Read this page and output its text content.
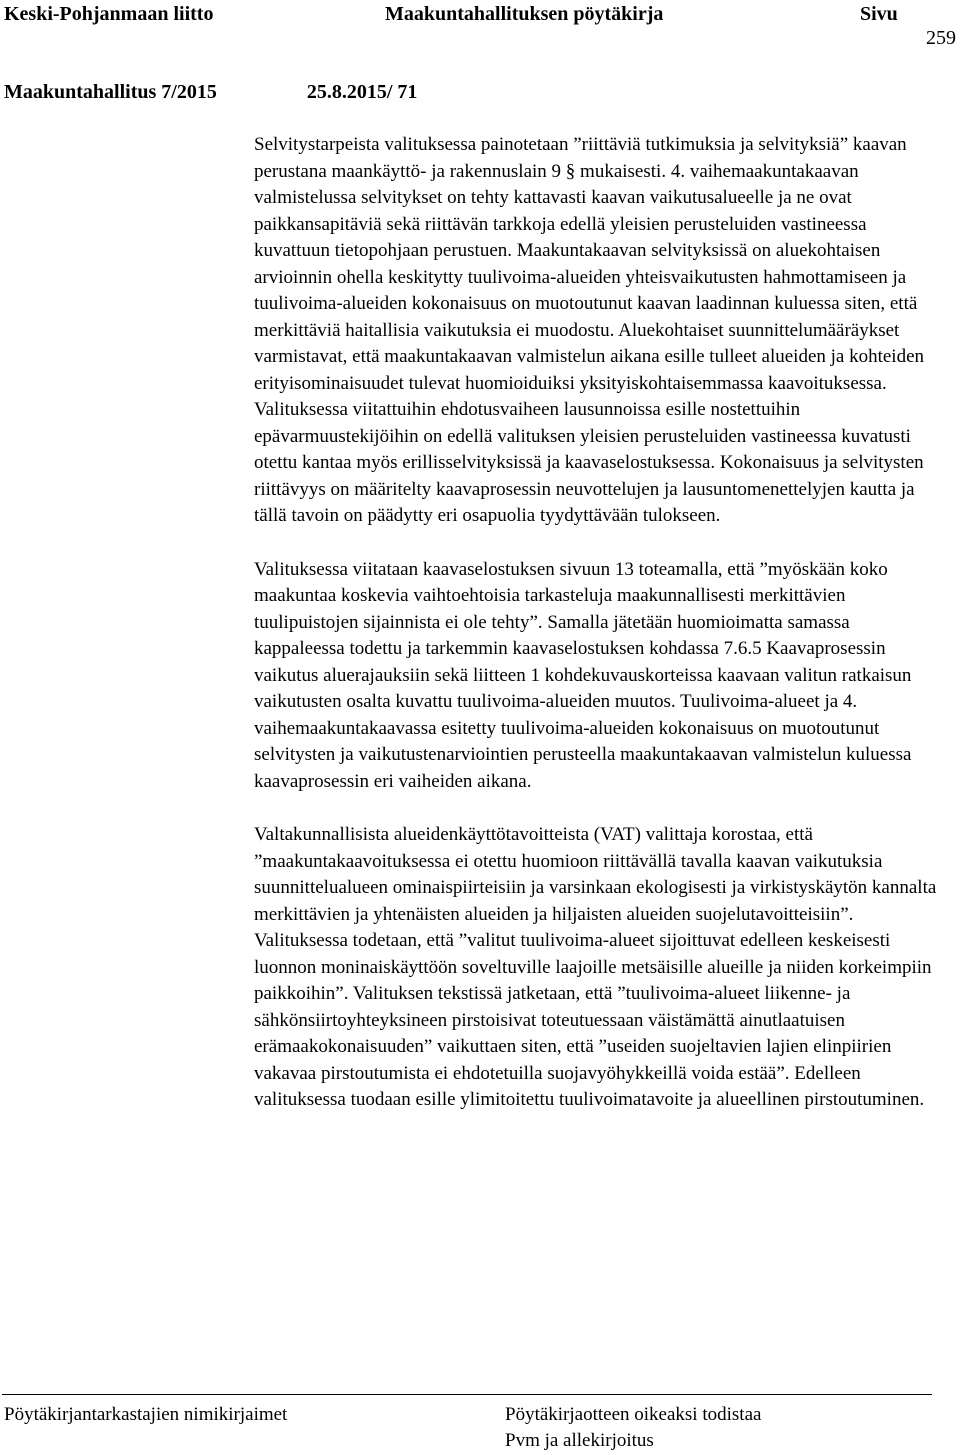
Keski-Pohjanmaan liitto	Maakuntahallituksen pöytäkirja	Sivu
259
Maakuntahallitus 7/2015	25.8.2015/ 71

Selvitystarpeista valituksessa painotetaan ”riittäviä tutkimuksia ja selvityksiä” kaavan perustana maankäyttö- ja rakennuslain 9 § mukaisesti. 4. vaihemaakuntakaavan valmistelussa selvitykset on tehty kattavasti kaavan vaikutusalueelle ja ne ovat paikkansapitäviä sekä riittävän tarkkoja edellä yleisien perusteluiden vastineessa kuvattuun tietopohjaan perustuen. Maakuntakaavan selvityksissä on aluekohtaisen arvioinnin ohella keskitytty tuulivoima-alueiden yhteisvaikutusten hahmottamiseen ja tuulivoima-alueiden kokonaisuus on muotoutunut kaavan laadinnan kuluessa siten, että merkittäviä haitallisia vaikutuksia ei muodostu. Aluekohtaiset suunnittelumääräykset varmistavat, että maakuntakaavan valmistelun aikana esille tulleet alueiden ja kohteiden erityisominaisuudet tulevat huomioiduiksi yksityiskohtaisemmassa kaavoituksessa. Valituksessa viitattuihin ehdotusvaiheen lausunnoissa esille nostettuihin epävarmuustekijöihin on edellä valituksen yleisien perusteluiden vastineessa kuvatusti otettu kantaa myös erillisselvityksissä ja kaavaselostuksessa. Kokonaisuus ja selvitysten riittävyys on määritelty kaavaprosessin neuvottelujen ja lausuntomenettelyjen kautta ja tällä tavoin on päädytty eri osapuolia tyydyttävään tulokseen.

Valituksessa viitataan kaavaselostuksen sivuun 13 toteamalla, että ”myöskään koko maakuntaa koskevia vaihtoehtoisia tarkasteluja maakunnallisesti merkittävien tuulipuistojen sijainnista ei ole tehty”. Samalla jätetään huomioimatta samassa kappaleessa todettu ja tarkemmin kaavaselostuksen kohdassa 7.6.5 Kaavaprosessin vaikutus aluerajauksiin sekä liitteen 1 kohdekuvauskorteissa kaavaan valitun ratkaisun vaikutusten osalta kuvattu tuulivoima-alueiden muutos. Tuulivoima-alueet ja 4. vaihemaakuntakaavassa esitetty tuulivoima-alueiden kokonaisuus on muotoutunut selvitysten ja vaikutustenarviointien perusteella maakuntakaavan valmistelun kuluessa kaavaprosessin eri vaiheiden aikana.

Valtakunnallisista alueidenkäyttötavoitteista (VAT) valittaja korostaa, että ”maakuntakaavoituksessa ei otettu huomioon riittävällä tavalla kaavan vaikutuksia suunnittelualueen ominaispiirteisiin ja varsinkaan ekologisesti ja virkistyskäytön kannalta merkittävien ja yhtenäisten alueiden ja hiljaisten alueiden suojelutavoitteisiin”. Valituksessa todetaan, että ”valitut tuulivoima-alueet sijoittuvat edelleen keskeisesti luonnon moninaiskäyttöön soveltuville laajoille metsäisille alueille ja niiden korkeimpiin paikkoihin”. Valituksen tekstissä jatketaan, että ”tuulivoima-alueet liikenne- ja sähkönsiirtoyhteyksineen pirstoisivat toteutuessaan väistämättä ainutlaatuisen erämaakokonaisuuden” vaikuttaen siten, että ”useiden suojeltavien lajien elinpiirien vakavaa pirstoutumista ei ehdotetuilla suojavyöhykkeillä voida estää”. Edelleen valituksessa tuodaan esille ylimitoitettu tuulivoimatavoite ja alueellinen pirstoutuminen.

Pöytäkirjantarkastajien nimikirjaimet	Pöytäkirjaotteen oikeaksi todistaa
Pvm ja allekirjoitus
